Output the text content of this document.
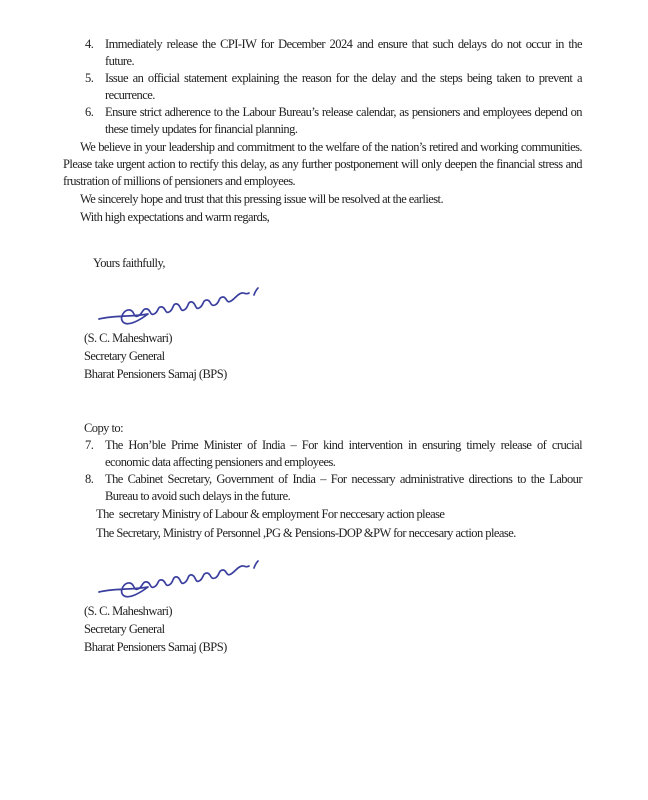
4. Immediately release the CPI-IW for December 2024 and ensure that such delays do not occur in the future.
5. Issue an official statement explaining the reason for the delay and the steps being taken to prevent a recurrence.
6. Ensure strict adherence to the Labour Bureau’s release calendar, as pensioners and employees depend on these timely updates for financial planning.

We believe in your leadership and commitment to the welfare of the nation’s retired and working communities. Please take urgent action to rectify this delay, as any further postponement will only deepen the financial stress and frustration of millions of pensioners and employees.

We sincerely hope and trust that this pressing issue will be resolved at the earliest.

With high expectations and warm regards,

Yours faithfully,
(S. C. Maheshwari)
Secretary General
Bharat Pensioners Samaj (BPS)
Copy to:
7. The Hon’ble Prime Minister of India – For kind intervention in ensuring timely release of crucial economic data affecting pensioners and employees.
8. The Cabinet Secretary, Government of India – For necessary administrative directions to the Labour Bureau to avoid such delays in the future.
The  secretary Ministry of Labour & employment For neccesary action please
The Secretary, Ministry of Personnel ,PG & Pensions-DOP &PW for neccesary action please.
(S. C. Maheshwari)
Secretary General
Bharat Pensioners Samaj (BPS)
